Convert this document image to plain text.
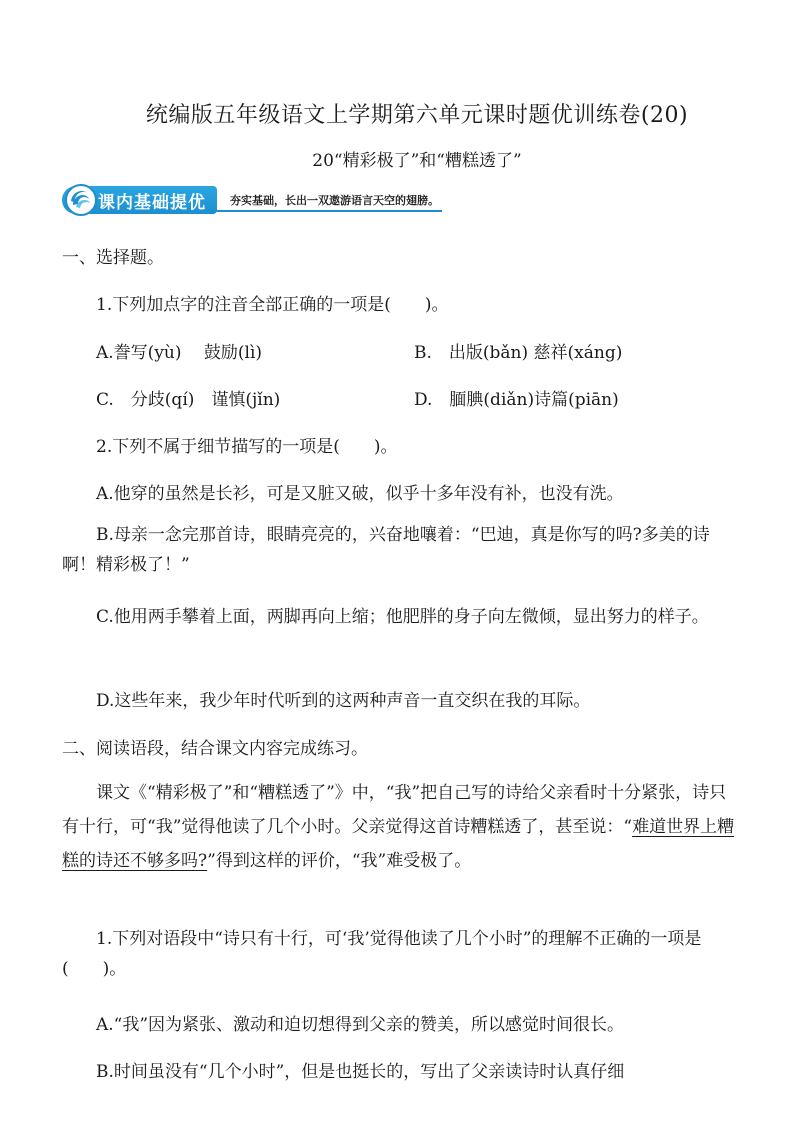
统编版五年级语文上学期第六单元课时题优训练卷(20)
20“精彩极了”和“糟糕透了”
课内基础提优 夯实基础，长出一双遨游语言天空的翅膀。
一、选择题。
1.下列加点字的注音全部正确的一项是(　　)。
A.誊写(yù)　 鼓励(lì)	B.　出版(bǎn) 慈祥(xáng)
C.　分歧(qí)　谨慎(jǐn)	D.　腼腆(diǎn)诗篇(piān)
2.下列不属于细节描写的一项是(　　)。
A.他穿的虽然是长衫，可是又脏又破，似乎十多年没有补，也没有洗。
B.母亲一念完那首诗，眼睛亮亮的，兴奋地嚷着：“巴迪，真是你写的吗?多美的诗啊！精彩极了！”
C.他用两手攀着上面，两脚再向上缩；他肥胖的身子向左微倾，显出努力的样子。
D.这些年来，我少年时代听到的这两种声音一直交织在我的耳际。
二、阅读语段，结合课文内容完成练习。
课文《“精彩极了”和“糟糕透了”》中，“我”把自己写的诗给父亲看时十分紧张，诗只有十行，可“我”觉得他读了几个小时。父亲觉得这首诗糟糕透了，甚至说：“难道世界上糟糕的诗还不够多吗?”得到这样的评价，“我”难受极了。
1.下列对语段中“诗只有十行，可‘我’觉得他读了几个小时”的理解不正确的一项是(　　)。
A.“我”因为紧张、激动和迫切想得到父亲的赞美，所以感觉时间很长。
B.时间虽没有“几个小时”，但是也挺长的，写出了父亲读诗时认真仔细
